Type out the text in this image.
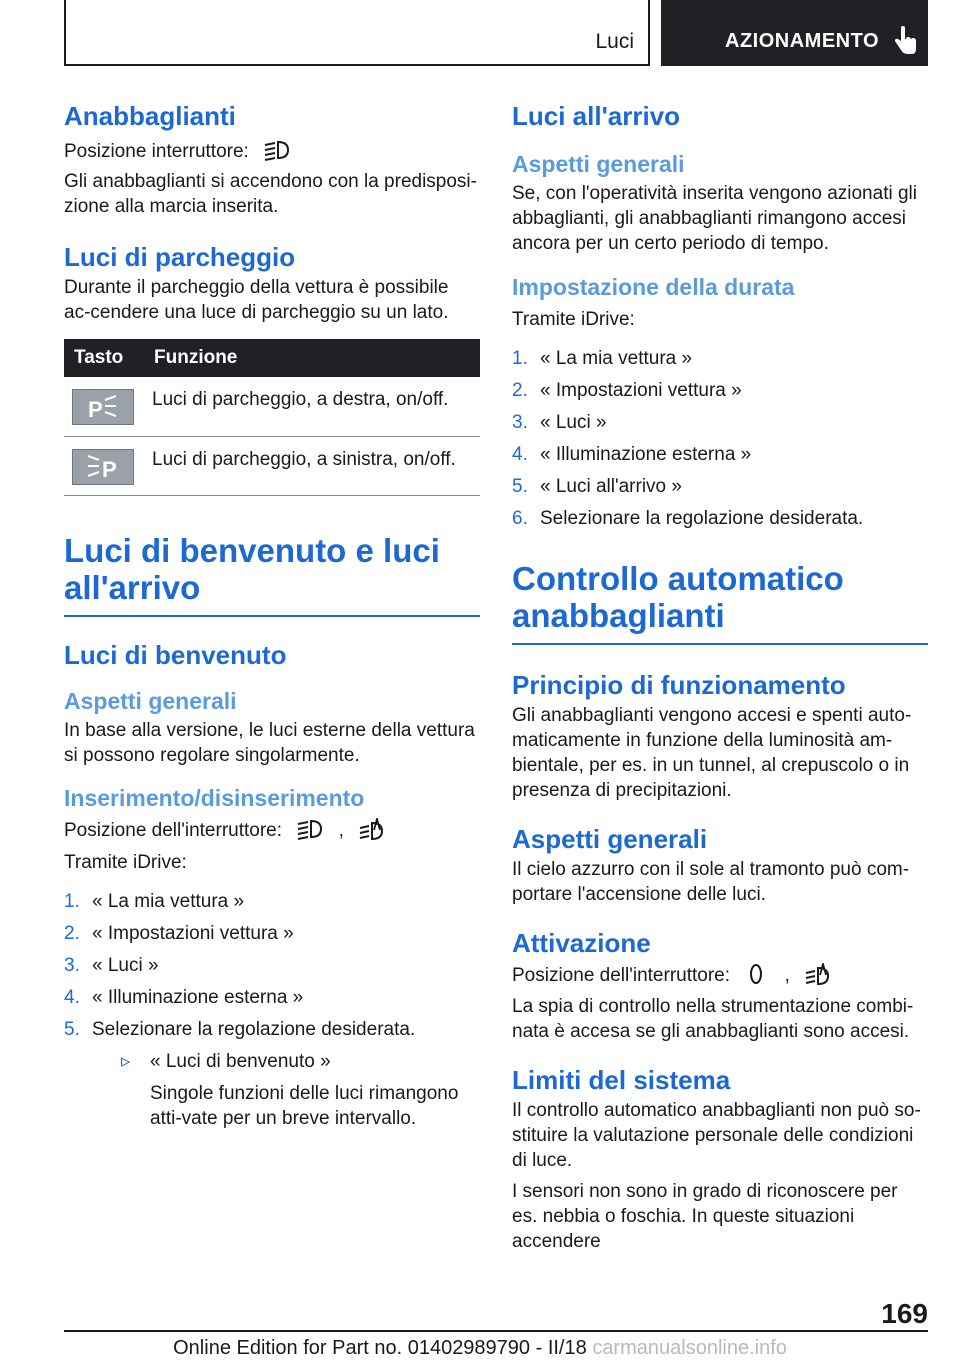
Luci	AZIONAMENTO
Anabbaglianti

Posizione interruttore:

Gli anabbaglianti si accendono con la predisposi-zione alla marcia inserita.

Luci di parcheggio

Durante il parcheggio della vettura è possibile ac-cendere una luce di parcheggio su un lato.

Tasto	Funzione

P	Luci di parcheggio, a destra, on/off.

P	Luci di parcheggio, a sinistra, on/off.
Luci di benvenuto e luci all'arrivo
Luci di benvenuto
Aspetti generali

In base alla versione, le luci esterne della vettura si possono regolare singolarmente.

Inserimento/disinserimento

Posizione dell'interruttore:	,

Tramite iDrive:

1. « La mia vettura »
2. « Impostazioni vettura »
3. « Luci »
4. « Illuminazione esterna »
5. Selezionare la regolazione desiderata.

▹ « Luci di benvenuto »

Singole funzioni delle luci rimangono atti-vate per un breve intervallo.

Luci all'arrivo
Aspetti generali

Se, con l'operatività inserita vengono azionati gli abbaglianti, gli anabbaglianti rimangono accesi ancora per un certo periodo di tempo.

Impostazione della durata

Tramite iDrive:

1. « La mia vettura »
2. « Impostazioni vettura »
3. « Luci »
4. « Illuminazione esterna »
5. « Luci all'arrivo »
6. Selezionare la regolazione desiderata.
Controllo automatico anabbaglianti
Principio di funzionamento

Gli anabbaglianti vengono accesi e spenti auto-maticamente in funzione della luminosità am-bientale, per es. in un tunnel, al crepuscolo o in presenza di precipitazioni.

Aspetti generali

Il cielo azzurro con il sole al tramonto può com-portare l'accensione delle luci.

Attivazione

Posizione dell'interruttore:	,

La spia di controllo nella strumentazione combi-nata è accesa se gli anabbaglianti sono accesi.

Limiti del sistema

Il controllo automatico anabbaglianti non può so-stituire la valutazione personale delle condizioni di luce.

I sensori non sono in grado di riconoscere per es. nebbia o foschia. In queste situazioni accendere

169
Online Edition for Part no. 01402989790 - II/18 carmanualsonline.info
